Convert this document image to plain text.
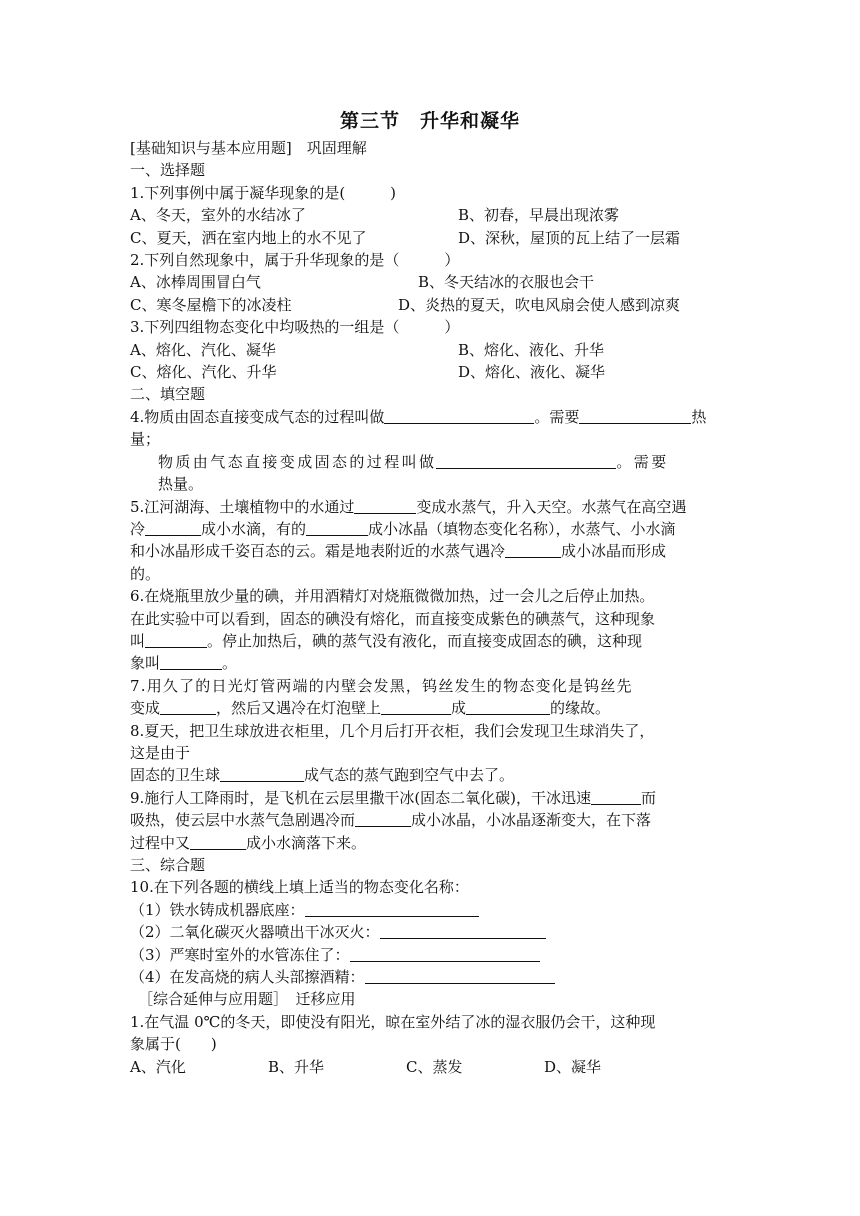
第三节　升华和凝华
[基础知识与基本应用题]　巩固理解
一、选择题
1.下列事例中属于凝华现象的是(　　　)
A、冬天，室外的水结冰了	B、初春，早晨出现浓雾
C、夏天，洒在室内地上的水不见了	D、深秋，屋顶的瓦上结了一层霜
2.下列自然现象中，属于升华现象的是（　　　）
A、冰棒周围冒白气	B、冬天结冰的衣服也会干
C、寒冬屋檐下的冰凌柱	D、炎热的夏天，吹电风扇会使人感到凉爽
3.下列四组物态变化中均吸热的一组是（　　　）
A、熔化、汽化、凝华	B、熔化、液化、升华
C、熔化、汽化、升华	D、熔化、液化、凝华
二、填空题
4.物质由固态直接变成气态的过程叫做	。需要	热
量；
物质由气态直接变成固态的过程叫做	。需要
热量。
5.江河湖海、土壤植物中的水通过	变成水蒸气，升入天空。水蒸气在高空遇
冷	成小水滴，有的	成小冰晶（填物态变化名称），水蒸气、小水滴
和小冰晶形成千姿百态的云。霜是地表附近的水蒸气遇冷	成小冰晶而形成
的。
6.在烧瓶里放少量的碘，并用酒精灯对烧瓶微微加热，过一会儿之后停止加热。
在此实验中可以看到，固态的碘没有熔化，而直接变成紫色的碘蒸气，这种现象
叫	。停止加热后，碘的蒸气没有液化，而直接变成固态的碘，这种现
象叫	。
7.用久了的日光灯管两端的内壁会发黑，钨丝发生的物态变化是钨丝先
变成	，然后又遇冷在灯泡壁上	成	的缘故。
8.夏天，把卫生球放进衣柜里，几个月后打开衣柜，我们会发现卫生球消失了，
这是由于
固态的卫生球	成气态的蒸气跑到空气中去了。
9.施行人工降雨时，是飞机在云层里撒干冰(固态二氧化碳)，干冰迅速	而
吸热，使云层中水蒸气急剧遇冷而	成小冰晶，小冰晶逐渐变大，在下落
过程中又	成小水滴落下来。
三、综合题
10.在下列各题的横线上填上适当的物态变化名称：
（1）铁水铸成机器底座：
（2）二氧化碳灭火器喷出干冰灭火：
（3）严寒时室外的水管冻住了：
（4）在发高烧的病人头部擦酒精：
［综合延伸与应用题］　迁移应用
1.在气温 0℃的冬天，即使没有阳光，晾在室外结了冰的湿衣服仍会干，这种现
象属于(　　)
A、汽化	B、升华	C、蒸发	D、凝华
